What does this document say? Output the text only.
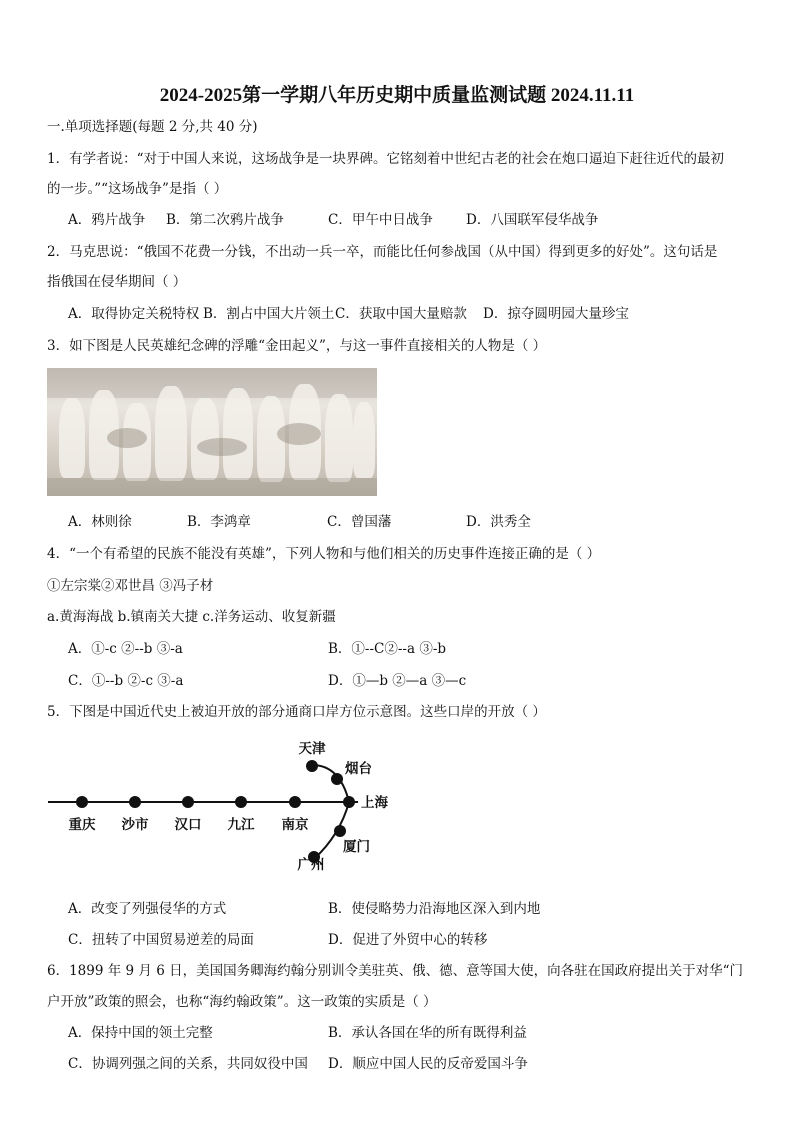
2024-2025第一学期八年历史期中质量监测试题 2024.11.11
一.单项选择题(每题 2 分,共 40 分)
1．有学者说：“对于中国人来说，这场战争是一块界碑。它铭刻着中世纪古老的社会在炮口逼迫下赶往近代的最初
的一步。”“这场战争”是指（ ）
A．鸦片战争 B．第二次鸦片战争	C．甲午中日战争 D．八国联军侵华战争
2．马克思说：“俄国不花费一分钱，不出动一兵一卒，而能比任何参战国（从中国）得到更多的好处”。这句话是
指俄国在侵华期间（ ）
A．取得协定关税特权 B．割占中国大片领土 C．获取中国大量赔款 D．掠夺圆明园大量珍宝
3．如下图是人民英雄纪念碑的浮雕“金田起义”，与这一事件直接相关的人物是（ ）
A．林则徐	B．李鸿章	C．曾国藩	D．洪秀全
4．“一个有希望的民族不能没有英雄”，下列人物和与他们相关的历史事件连接正确的是（ ）
①左宗棠②邓世昌 ③冯子材
a.黄海海战 b.镇南关大捷 c.洋务运动、收复新疆
A．①-c ②--b ③-a	B．①--C②--a ③-b
C．①--b ②-c ③-a	D．①—b ②—a ③—c
5．下图是中国近代史上被迫开放的部分通商口岸方位示意图。这些口岸的开放（ ）
重庆 沙市 汉口 九江 南京
天津
烟台
上海
厦门
广州
A．改变了列强侵华的方式	B．使侵略势力沿海地区深入到内地
C．扭转了中国贸易逆差的局面	D．促进了外贸中心的转移
6．1899 年 9 月 6 日，美国国务卿海约翰分别训令美驻英、俄、德、意等国大使，向各驻在国政府提出关于对华“门
户开放”政策的照会，也称“海约翰政策”。这一政策的实质是（ ）
A．保持中国的领土完整	B．承认各国在华的所有既得利益
C．协调列强之间的关系，共同奴役中国 D．顺应中国人民的反帝爱国斗争
